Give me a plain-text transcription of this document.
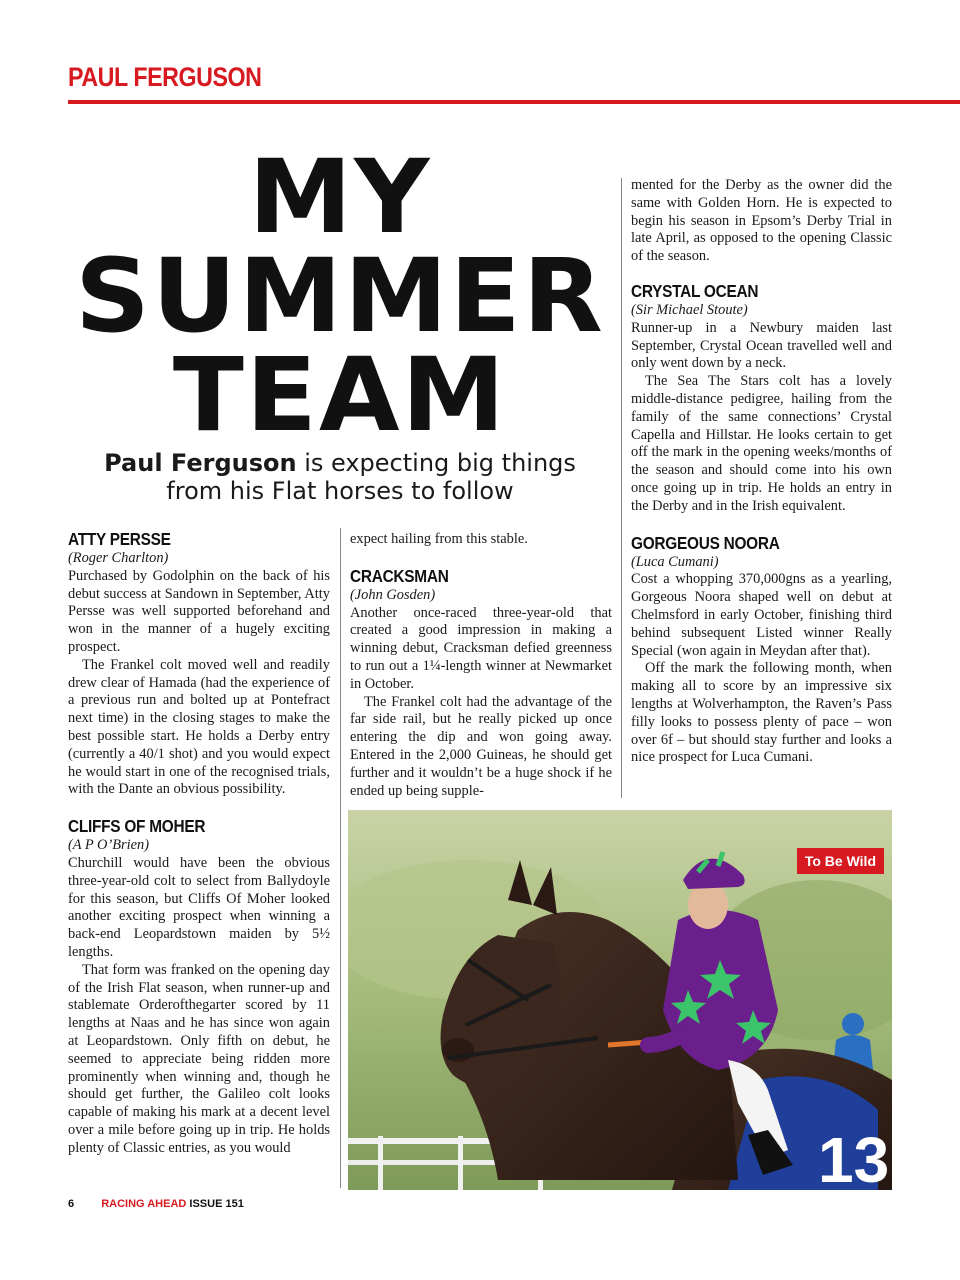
PAUL FERGUSON
MY
SUMMER
TEAM
Paul Ferguson is expecting big things
from his Flat horses to follow
ATTY PERSSE

(Roger Charlton)

Purchased by Godolphin on the back of his debut success at Sandown in September, Atty Persse was well supported beforehand and won in the manner of a hugely exciting prospect.

The Frankel colt moved well and readily drew clear of Hamada (had the experience of a previous run and bolted up at Pontefract next time) in the closing stages to make the best possible start. He holds a Derby entry (currently a 40/1 shot) and you would expect he would start in one of the recognised trials, with the Dante an obvious possibility.

CLIFFS OF MOHER

(A P O’Brien)

Churchill would have been the obvious three-year-old colt to select from Ballydoyle for this season, but Cliffs Of Moher looked another exciting prospect when winning a back-end Leopardstown maiden by 5½ lengths.

That form was franked on the opening day of the Irish Flat season, when runner-up and stablemate Orderofthegarter scored by 11 lengths at Naas and he has since won again at Leopardstown. Only fifth on debut, he seemed to appreciate being ridden more prominently when winning and, though he should get further, the Galileo colt looks capable of making his mark at a decent level over a mile before going up in trip. He holds plenty of Classic entries, as you would

expect hailing from this stable.

CRACKSMAN

(John Gosden)

Another once-raced three-year-old that created a good impression in making a winning debut, Cracksman defied greenness to run out a 1¼-length winner at Newmarket in October.

The Frankel colt had the advantage of the far side rail, but he really picked up once entering the dip and won going away. Entered in the 2,000 Guineas, he should get further and it wouldn’t be a huge shock if he ended up being supple-

mented for the Derby as the owner did the same with Golden Horn. He is expected to begin his season in Epsom’s Derby Trial in late April, as opposed to the opening Classic of the season.

CRYSTAL OCEAN

(Sir Michael Stoute)

Runner-up in a Newbury maiden last September, Crystal Ocean travelled well and only went down by a neck.

The Sea The Stars colt has a lovely middle-distance pedigree, hailing from the family of the same connections’ Crystal Capella and Hillstar. He looks certain to get off the mark in the opening weeks/months of the season and should come into his own once going up in trip. He holds an entry in the Derby and in the Irish equivalent.

GORGEOUS NOORA

(Luca Cumani)

Cost a whopping 370,000gns as a yearling, Gorgeous Noora shaped well on debut at Chelmsford in early October, finishing third behind subsequent Listed winner Really Special (won again in Meydan after that).

Off the mark the following month, when making all to score by an impressive six lengths at Wolverhampton, the Raven’s Pass filly looks to possess plenty of pace – won over 6f – but should stay further and looks a nice prospect for Luca Cumani.

13
To Be Wild
6 RACING AHEAD ISSUE 151
